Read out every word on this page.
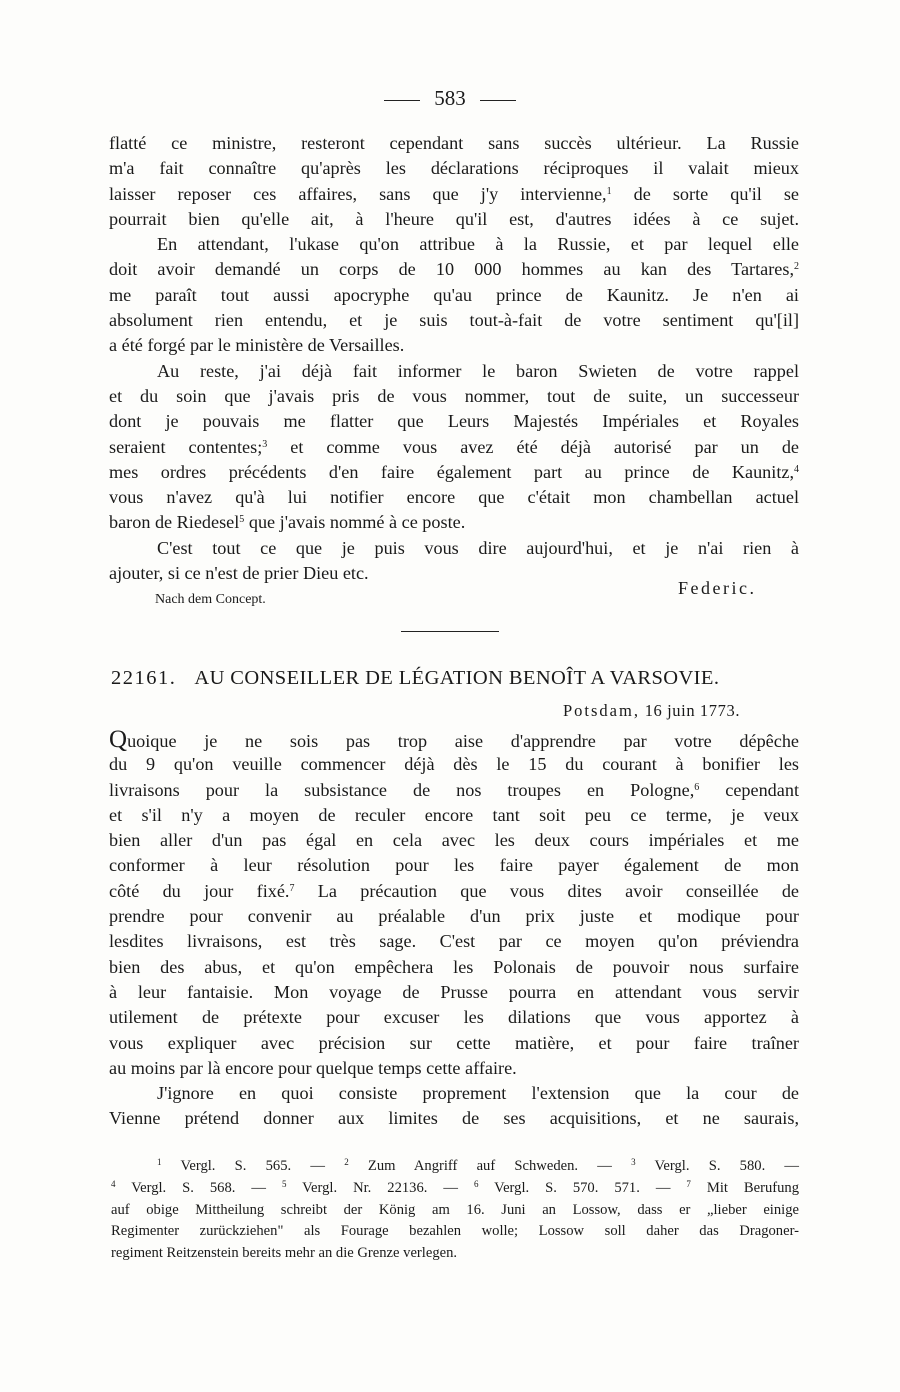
583
flatté ce ministre, resteront cependant sans succès ultérieur. La Russie
m'a fait connaître qu'après les déclarations réciproques il valait mieux
laisser reposer ces affaires, sans que j'y intervienne,$^1$ de sorte qu'il se
pourrait bien qu'elle ait, à l'heure qu'il est, d'autres idées à ce sujet.
En attendant, l'ukase qu'on attribue à la Russie, et par lequel elle
doit avoir demandé un corps de 10 000 hommes au kan des Tartares,$^2$
me paraît tout aussi apocryphe qu'au prince de Kaunitz. Je n'en ai
absolument rien entendu, et je suis tout-à-fait de votre sentiment qu'[il]
a été forgé par le ministère de Versailles.
Au reste, j'ai déjà fait informer le baron Swieten de votre rappel
et du soin que j'avais pris de vous nommer, tout de suite, un successeur
dont je pouvais me flatter que Leurs Majestés Impériales et Royales
seraient contentes;$^3$ et comme vous avez été déjà autorisé par un de
mes ordres précédents d'en faire également part au prince de Kaunitz,$^4$
vous n'avez qu'à lui notifier encore que c'était mon chambellan actuel
baron de Riedesel$^5$ que j'avais nommé à ce poste.
C'est tout ce que je puis vous dire aujourd'hui, et je n'ai rien à
ajouter, si ce n'est de prier Dieu etc.
Federic.
Nach dem Concept.
22161. AU CONSEILLER DE LÉGATION BENOÎT A VARSOVIE.
Potsdam, 16 juin 1773.
Quoique je ne sois pas trop aise d'apprendre par votre dépêche
du 9 qu'on veuille commencer déjà dès le 15 du courant à bonifier les
livraisons pour la subsistance de nos troupes en Pologne,$^6$ cependant
et s'il n'y a moyen de reculer encore tant soit peu ce terme, je veux
bien aller d'un pas égal en cela avec les deux cours impériales et me
conformer à leur résolution pour les faire payer également de mon
côté du jour fixé.$^7$ La précaution que vous dites avoir conseillée de
prendre pour convenir au préalable d'un prix juste et modique pour
lesdites livraisons, est très sage. C'est par ce moyen qu'on préviendra
bien des abus, et qu'on empêchera les Polonais de pouvoir nous surfaire
à leur fantaisie. Mon voyage de Prusse pourra en attendant vous servir
utilement de prétexte pour excuser les dilations que vous apportez à
vous expliquer avec précision sur cette matière, et pour faire traîner
au moins par là encore pour quelque temps cette affaire.
J'ignore en quoi consiste proprement l'extension que la cour de
Vienne prétend donner aux limites de ses acquisitions, et ne saurais,
$^1$ Vergl. S. 565. — $^2$ Zum Angriff auf Schweden. — $^3$ Vergl. S. 580. —
$^4$ Vergl. S. 568. — $^5$ Vergl. Nr. 22136. — $^6$ Vergl. S. 570. 571. — $^7$ Mit Berufung
auf obige Mittheilung schreibt der König am 16. Juni an Lossow, dass er „lieber einige
Regimenter zurückziehen" als Fourage bezahlen wolle; Lossow soll daher das Dragoner-
regiment Reitzenstein bereits mehr an die Grenze verlegen.
